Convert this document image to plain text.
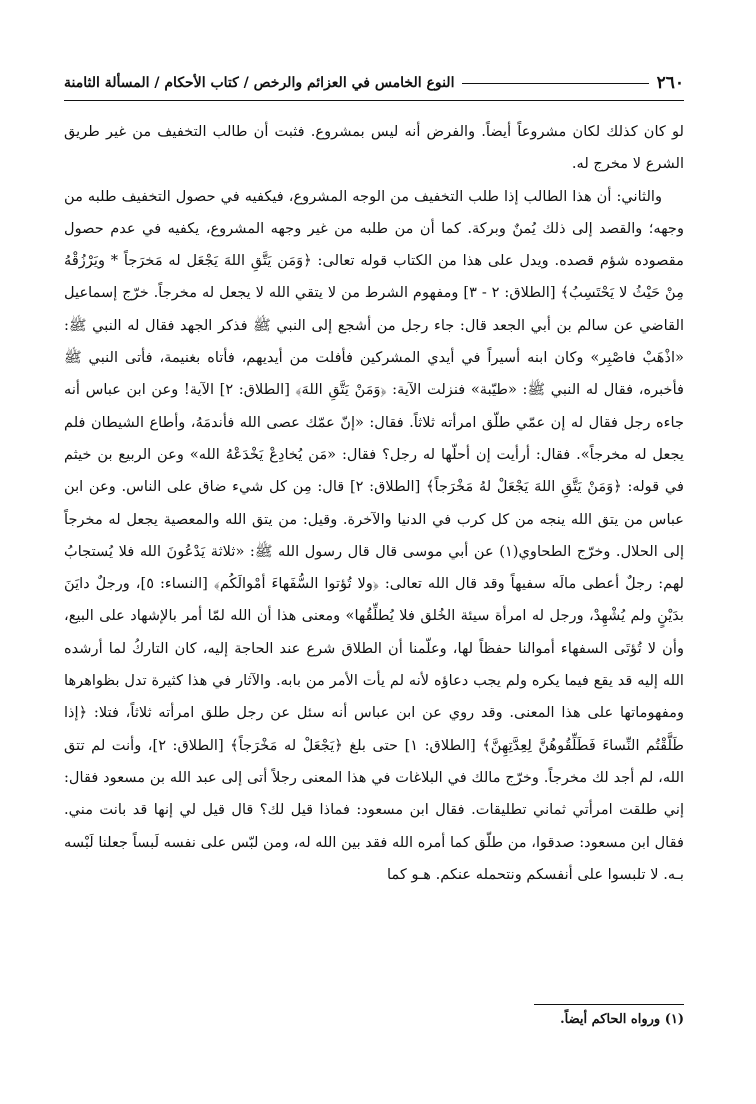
٢٦٠
النوع الخامس في العزائم والرخص / كتاب الأحكام / المسألة الثامنة

لو كان كذلك لكان مشروعاً أيضاً. والفرض أنه ليس بمشروع. فثبت أن طالب التخفيف من غير طريق الشرع لا مخرج له.

والثاني: أن هذا الطالب إذا طلب التخفيف من الوجه المشروع، فيكفيه في حصول التخفيف طلبه من وجهه؛ والقصد إلى ذلك يُمنٌ وبركة. كما أن من طلبه من غير وجهه المشروع، يكفيه في عدم حصول مقصوده شؤم قصده. ويدل على هذا من الكتاب قوله تعالى: ﴿وَمَن يَتَّقِ اللهَ يَجْعَل له مَخرَجاً * ويَرْزُقْهُ مِنْ حَيْثُ لا يَحْتَسِبُ﴾ [الطلاق: ٢ - ٣] ومفهوم الشرط من لا يتقي الله لا يجعل له مخرجاً. خرّج إسماعيل القاضي عن سالم بن أبي الجعد قال: جاء رجل من أشجع إلى النبي ﷺ فذكر الجهد فقال له النبي ﷺ: «اذْهَبْ فاصْبِر» وكان ابنه أسيراً في أيدي المشركين فأفلت من أيديهم، فأتاه بغنيمة، فأتى النبي ﷺ فأخبره، فقال له النبي ﷺ: «طيّبة» فنزلت الآية: ﴿وَمَنْ يَتَّقِ اللهَ﴾ [الطلاق: ٢] الآية! وعن ابن عباس أنه جاءه رجل فقال له إن عمّي طلّق امرأته ثلاثاً. فقال: «إنّ عمّك عصى الله فأندمَهُ، وأطاع الشيطان فلم يجعل له مخرجاً». فقال: أرأيت إن أحلّها له رجل؟ فقال: «مَن يُخادِعْ يَخْدَعْهُ الله» وعن الربيع بن خيثم في قوله: ﴿وَمَنْ يَتَّقِ اللهَ يَجْعَلْ لهُ مَخْرَجاً﴾ [الطلاق: ٢] قال: مِن كل شيء ضاق على الناس. وعن ابن عباس من يتق الله ينجه من كل كرب في الدنيا والآخرة. وقيل: من يتق الله والمعصية يجعل له مخرجاً إلى الحلال. وخرّج الطحاوي(١) عن أبي موسى قال قال رسول الله ﷺ: «ثلاثة يَدْعُونَ الله فلا يُستجابُ لهم: رجلٌ أعطى مالَه سفيهاً وقد قال الله تعالى: ﴿ولا تُؤتوا السُّفَهاءَ أمْوالَكُم﴾ [النساء: ٥]، ورجلٌ دايَنَ بدَيْنٍ ولم يُشْهِدْ، ورجل له امرأة سيئة الخُلق فلا يُطلِّقُها» ومعنى هذا أن الله لمّا أمر بالإشهاد على البيع، وأن لا تُؤتَى السفهاء أموالنا حفظاً لها، وعلّمنا أن الطلاق شرع عند الحاجة إليه، كان التاركُ لما أرشده الله إليه قد يقع فيما يكره ولم يجب دعاؤه لأنه لم يأت الأمر من بابه. والآثار في هذا كثيرة تدل بظواهرها ومفهوماتها على هذا المعنى. وقد روي عن ابن عباس أنه سئل عن رجل طلق امرأته ثلاثاً، فتلا: ﴿إذا طَلَّقْتُم النِّساءَ فَطَلِّقُوهُنَّ لِعِدَّتِهِنَّ﴾ [الطلاق: ١] حتى بلغ ﴿يَجْعَلْ له مَخْرَجاً﴾ [الطلاق: ٢]، وأنت لم تتق الله، لم أجد لك مخرجاً. وخرّج مالك في البلاغات في هذا المعنى رجلاً أتى إلى عبد الله بن مسعود فقال: إني طلقت امرأتي ثماني تطليقات. فقال ابن مسعود: فماذا قيل لك؟ قال قيل لي إنها قد بانت مني. فقال ابن مسعود: صدقوا، من طلّق كما أمره الله فقد بين الله له، ومن لبّس على نفسه لَبساً جعلنا لَبْسه بـه. لا تلبسوا على أنفسكم ونتحمله عنكم. هـو كما

(١) ورواه الحاكم أيضاً.
